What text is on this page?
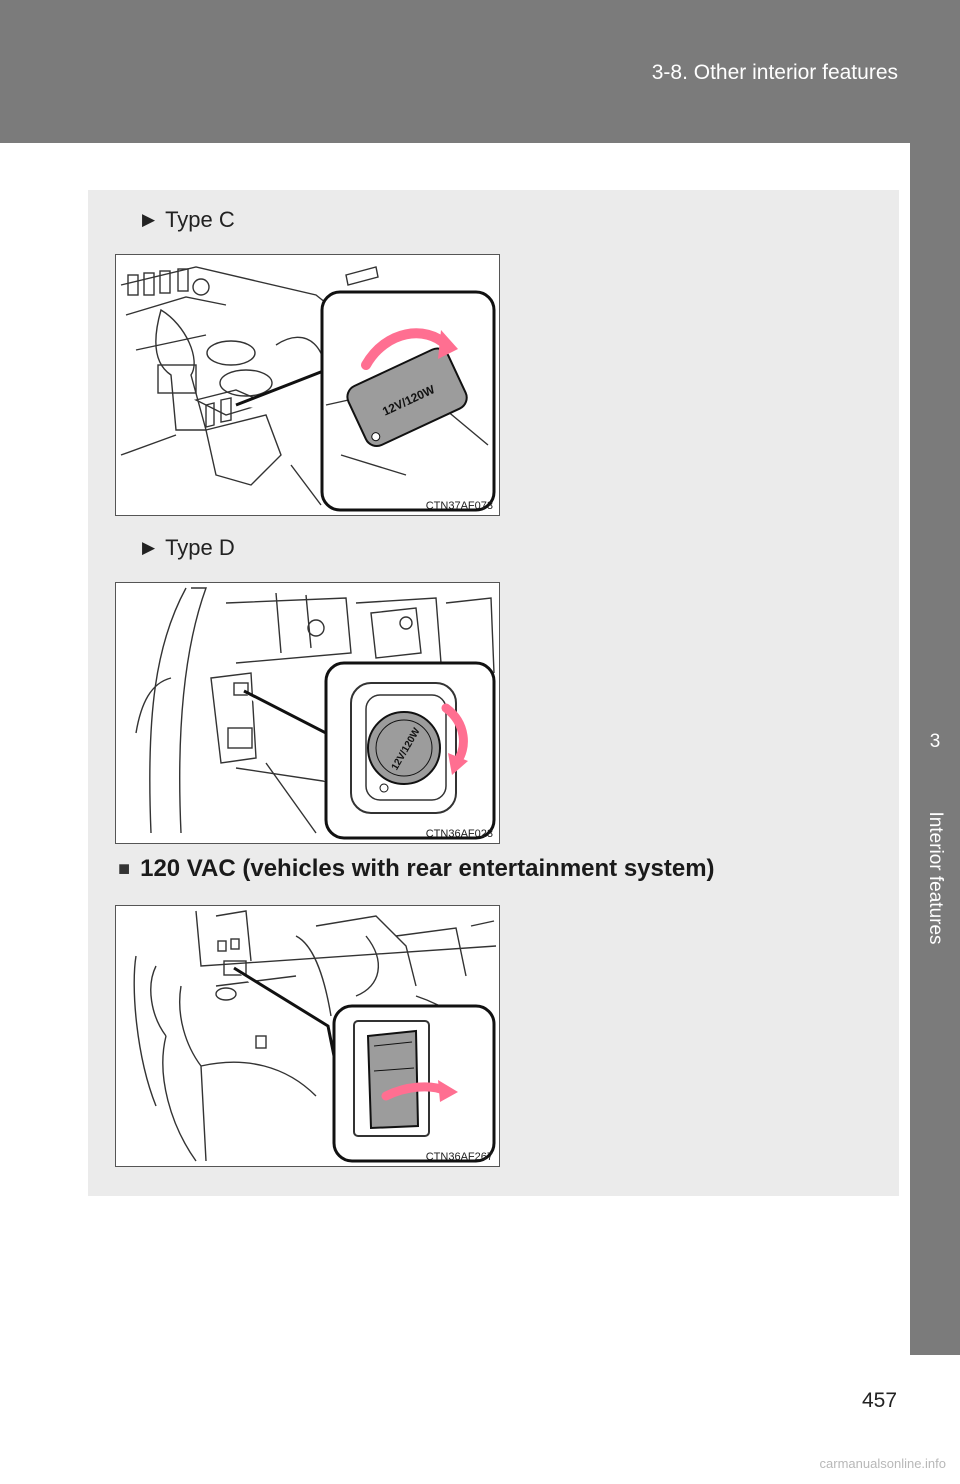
3-8. Other interior features
3
Interior features
▶ Type C
12V/120W
CTN37AF073
▶ Type D
12V/120W
CTN36AF023
■ 120 VAC (vehicles with rear entertainment system)
CTN36AF267
457
carmanualsonline.info
